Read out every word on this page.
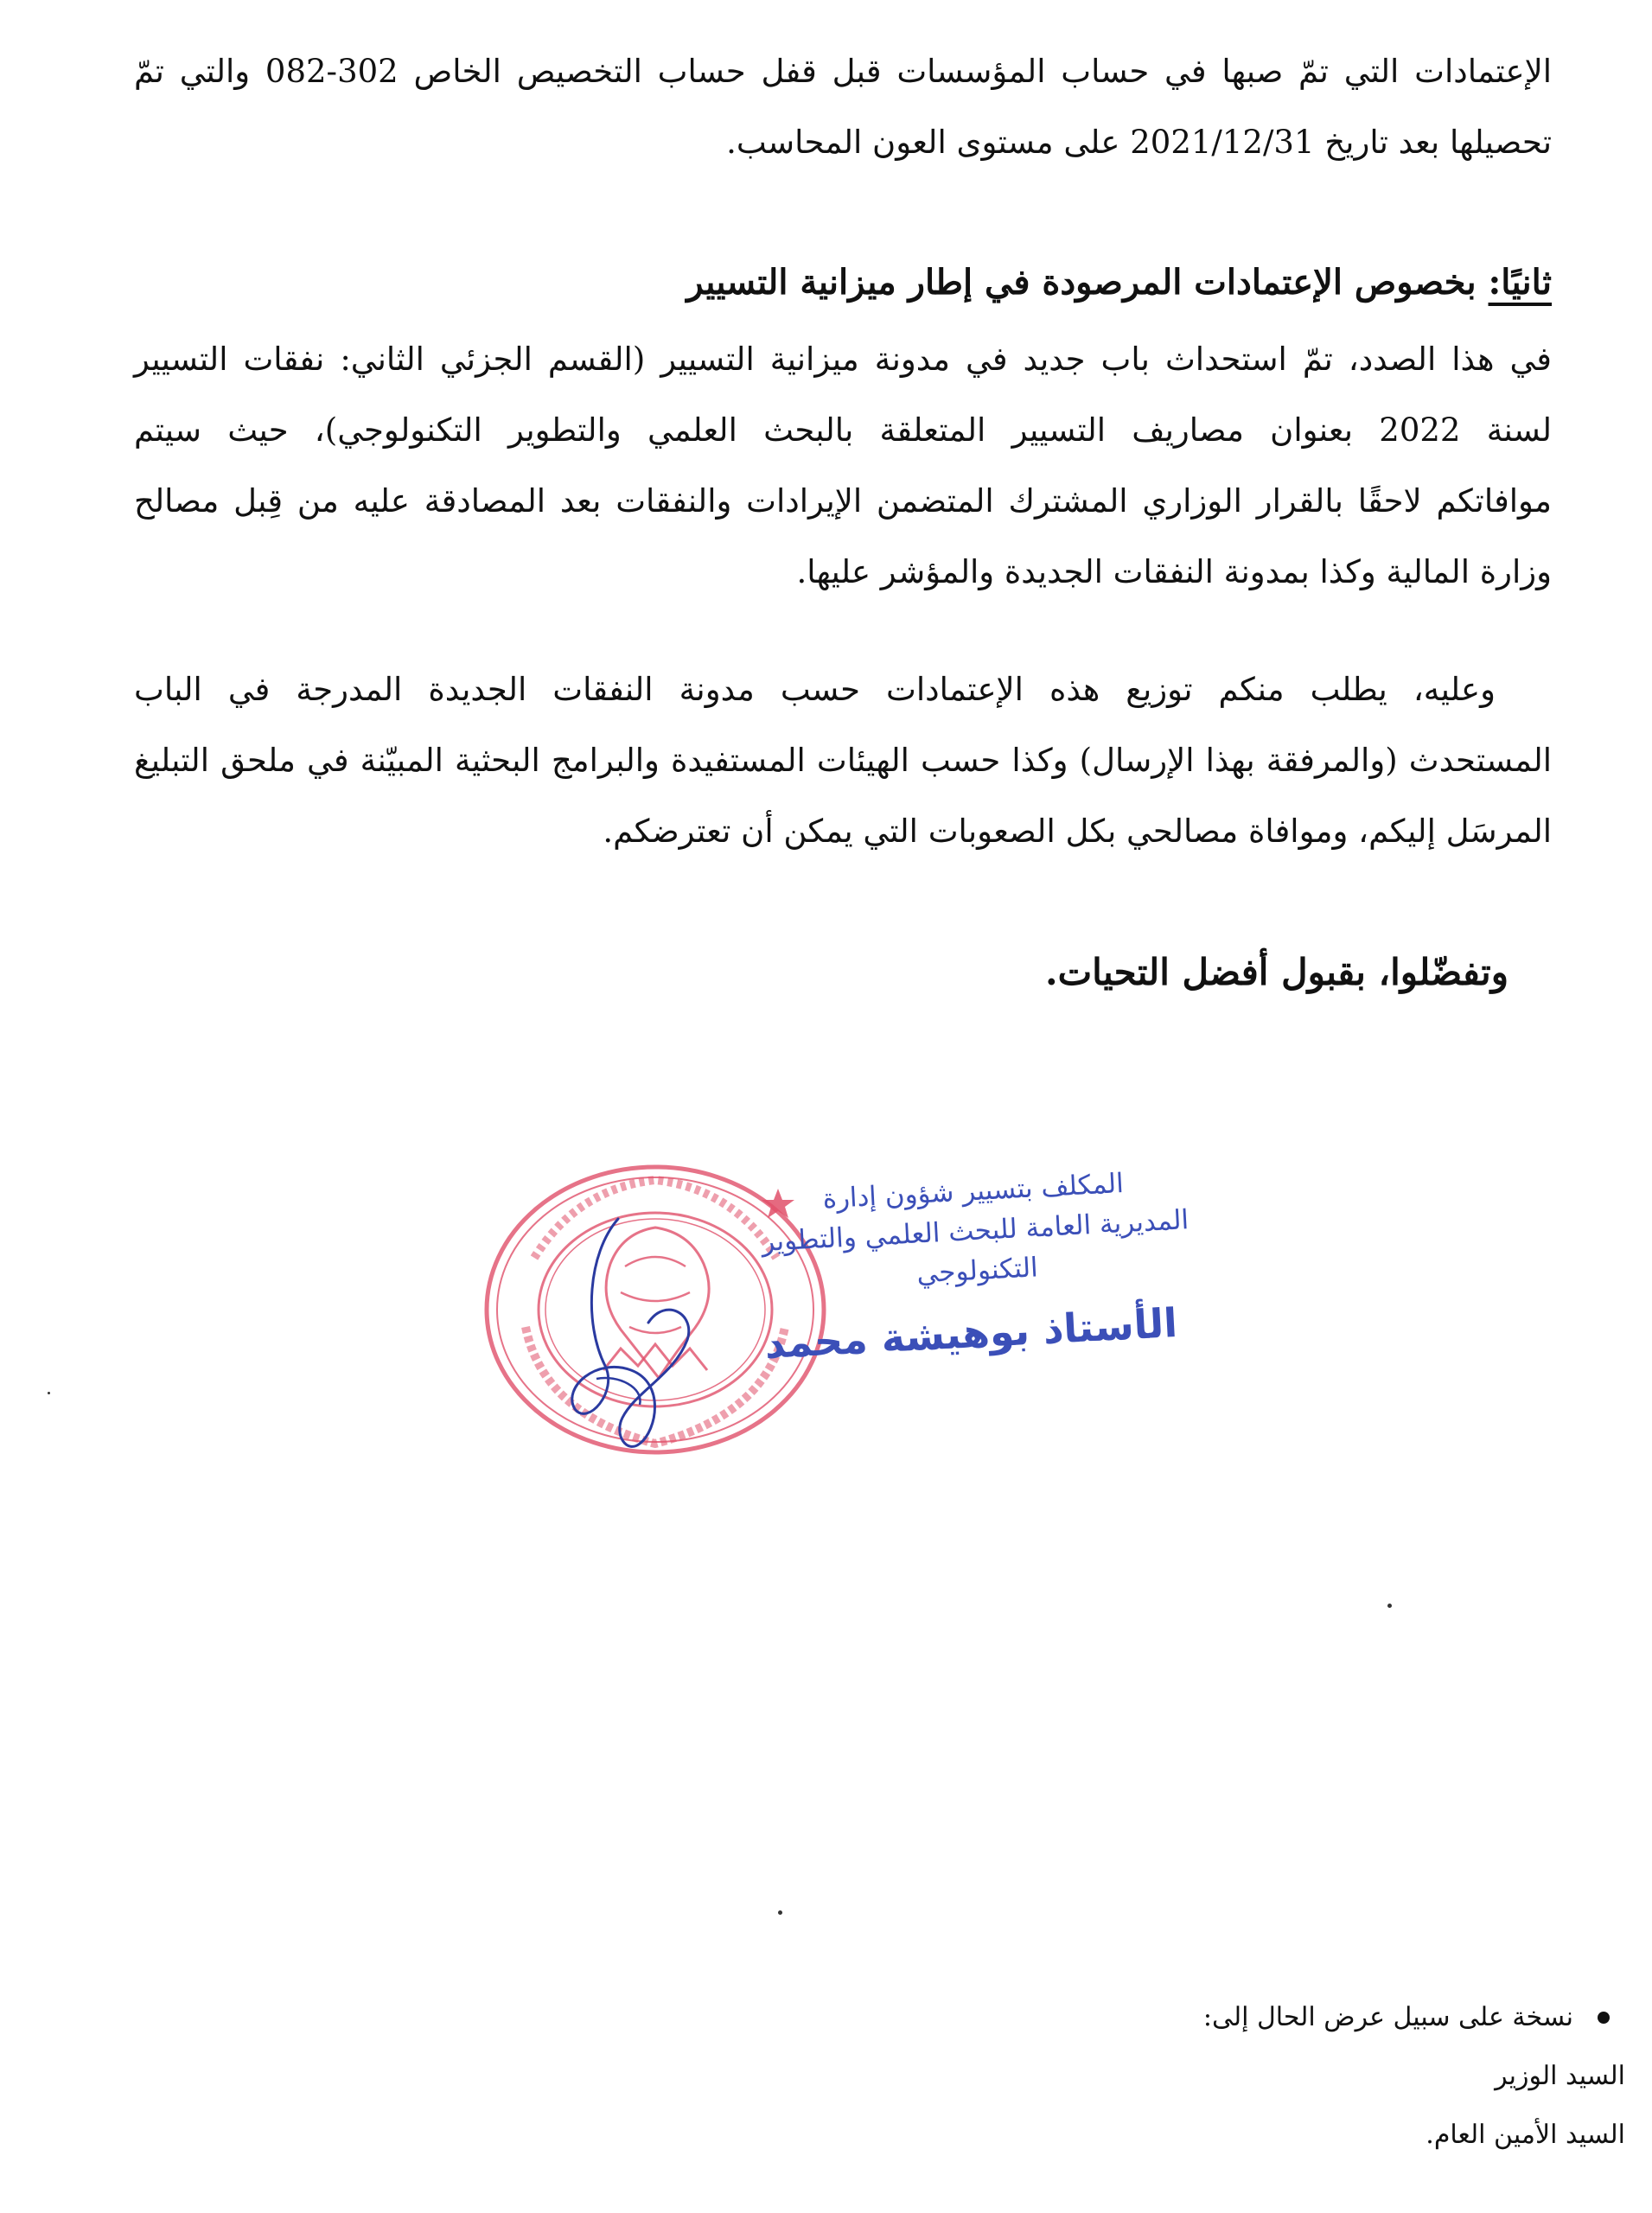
الإعتمادات التي تمّ صبها في حساب المؤسسات قبل قفل حساب التخصيص الخاص 302-082 والتي تمّ
تحصيلها بعد تاريخ 2021/12/31 على مستوى العون المحاسب.
ثانيًا: بخصوص الإعتمادات المرصودة في إطار ميزانية التسيير
في هذا الصدد، تمّ استحداث باب جديد في مدونة ميزانية التسيير (القسم الجزئي الثاني: نفقات التسيير
لسنة 2022 بعنوان مصاريف التسيير المتعلقة بالبحث العلمي والتطوير التكنولوجي)، حيث سيتم
موافاتكم لاحقًا بالقرار الوزاري المشترك المتضمن الإيرادات والنفقات بعد المصادقة عليه من قِبل مصالح
وزارة المالية وكذا بمدونة النفقات الجديدة والمؤشر عليها.
وعليه، يطلب منكم توزيع هذه الإعتمادات حسب مدونة النفقات الجديدة المدرجة في الباب
المستحدث (والمرفقة بهذا الإرسال) وكذا حسب الهيئات المستفيدة والبرامج البحثية المبيّنة في ملحق التبليغ
المرسَل إليكم، وموافاة مصالحي بكل الصعوبات التي يمكن أن تعترضكم.
وتفضّلوا، بقبول أفضل التحيات.
المكلف بتسيير شؤون إدارة
المديرية العامة للبحث العلمي والتطوير
التكنولوجي
الأستاذ بوهيشة محمد
نسخة على سبيل عرض الحال إلى:
السيد الوزير
السيد الأمين العام.
